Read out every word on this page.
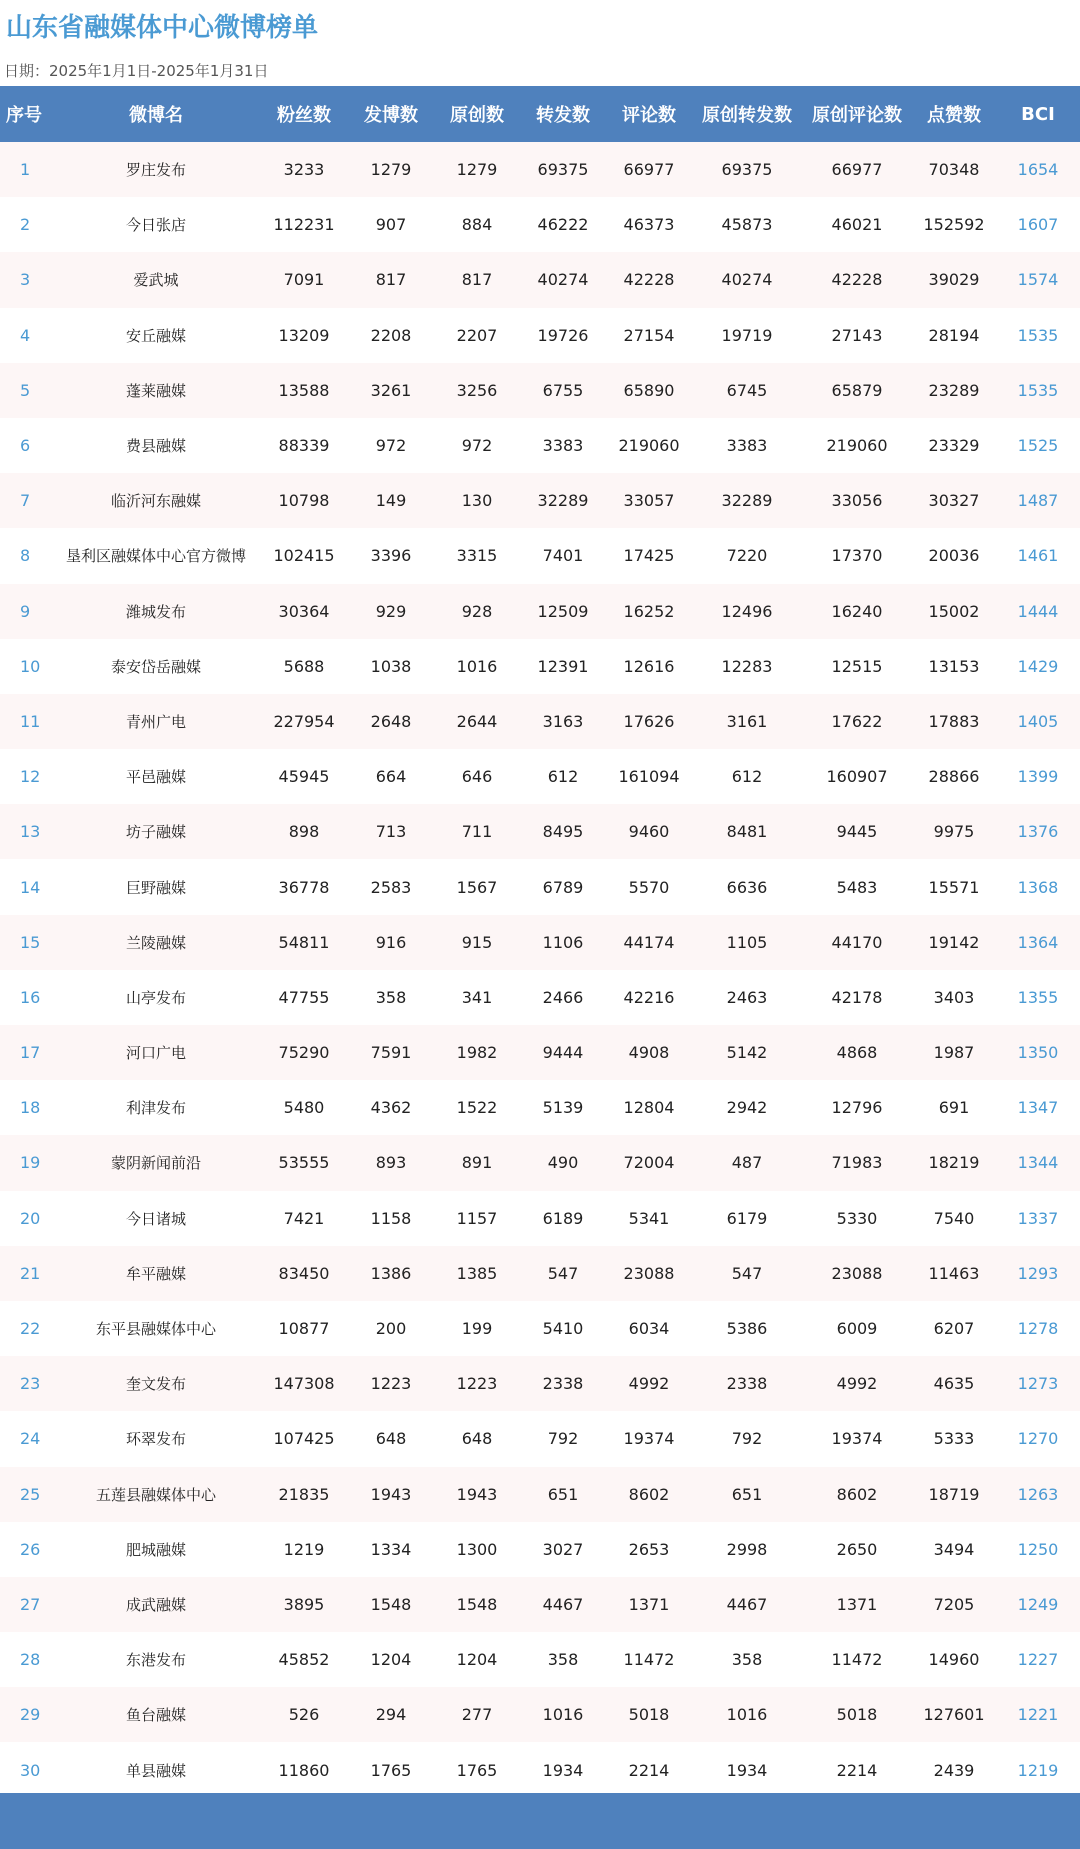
山东省融媒体中心微博榜单
日期：2025年1月1日-2025年1月31日
序号	微博名	粉丝数	发博数	原创数	转发数	评论数	原创转发数	原创评论数	点赞数	BCI
1	罗庄发布	3233	1279	1279	69375	66977	69375	66977	70348	1654
2	今日张店	112231	907	884	46222	46373	45873	46021	152592	1607
3	爱武城	7091	817	817	40274	42228	40274	42228	39029	1574
4	安丘融媒	13209	2208	2207	19726	27154	19719	27143	28194	1535
5	蓬莱融媒	13588	3261	3256	6755	65890	6745	65879	23289	1535
6	费县融媒	88339	972	972	3383	219060	3383	219060	23329	1525
7	临沂河东融媒	10798	149	130	32289	33057	32289	33056	30327	1487
8	垦利区融媒体中心官方微博	102415	3396	3315	7401	17425	7220	17370	20036	1461
9	潍城发布	30364	929	928	12509	16252	12496	16240	15002	1444
10	泰安岱岳融媒	5688	1038	1016	12391	12616	12283	12515	13153	1429
11	青州广电	227954	2648	2644	3163	17626	3161	17622	17883	1405
12	平邑融媒	45945	664	646	612	161094	612	160907	28866	1399
13	坊子融媒	898	713	711	8495	9460	8481	9445	9975	1376
14	巨野融媒	36778	2583	1567	6789	5570	6636	5483	15571	1368
15	兰陵融媒	54811	916	915	1106	44174	1105	44170	19142	1364
16	山亭发布	47755	358	341	2466	42216	2463	42178	3403	1355
17	河口广电	75290	7591	1982	9444	4908	5142	4868	1987	1350
18	利津发布	5480	4362	1522	5139	12804	2942	12796	691	1347
19	蒙阴新闻前沿	53555	893	891	490	72004	487	71983	18219	1344
20	今日诸城	7421	1158	1157	6189	5341	6179	5330	7540	1337
21	牟平融媒	83450	1386	1385	547	23088	547	23088	11463	1293
22	东平县融媒体中心	10877	200	199	5410	6034	5386	6009	6207	1278
23	奎文发布	147308	1223	1223	2338	4992	2338	4992	4635	1273
24	环翠发布	107425	648	648	792	19374	792	19374	5333	1270
25	五莲县融媒体中心	21835	1943	1943	651	8602	651	8602	18719	1263
26	肥城融媒	1219	1334	1300	3027	2653	2998	2650	3494	1250
27	成武融媒	3895	1548	1548	4467	1371	4467	1371	7205	1249
28	东港发布	45852	1204	1204	358	11472	358	11472	14960	1227
29	鱼台融媒	526	294	277	1016	5018	1016	5018	127601	1221
30	单县融媒	11860	1765	1765	1934	2214	1934	2214	2439	1219
